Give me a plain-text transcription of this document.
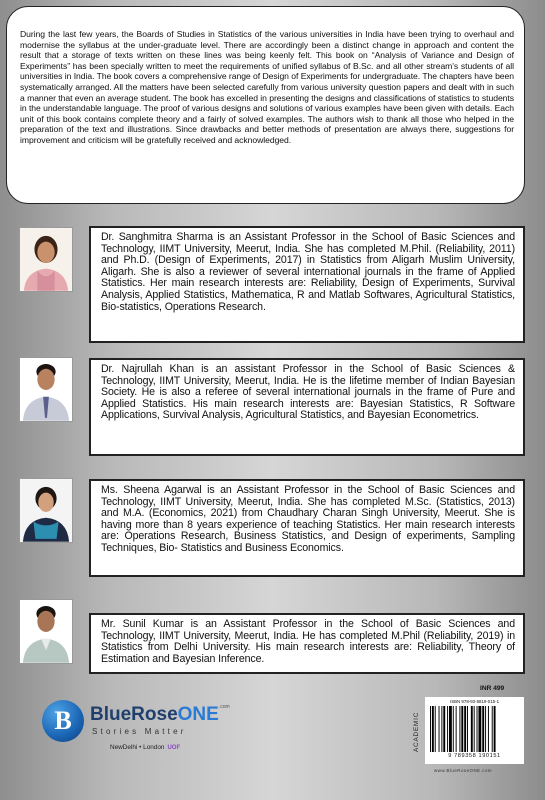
During the last few years, the Boards of Studies in Statistics of the various universities in India have been trying to overhaul and modernise the syllabus at the under-graduate level. There are accordingly been a distinct change in approach and content the result that a storage of texts written on these lines was being keenly felt. This book on “Analysis of Variance and Design of Experiments” has been specially written to meet the requirements of unified syllabus of B.Sc. and all other stream's students of all universities in India. The book covers a comprehensive range of Design of Experiments for undergraduate. The chapters have been systematically arranged. All the matters have been selected carefully from various university question papers and dealt with in such a manner that even an average student. The book has excelled in presenting the designs and classifications of statistics to students in the understandable language. The proof of various designs and solutions of various examples have been given with details. Each unit of this book contains complete theory and a fairly of solved examples. The authors wish to thank all those who helped in the preparation of the text and illustrations. Since drawbacks and better methods of presentation are always there, suggestions for improvement and criticism will be gratefully received and acknowledged.

Dr. Sanghmitra Sharma is an Assistant Professor in the School of Basic Sciences and Technology, IIMT University, Meerut, India. She has completed M.Phil. (Reliability, 2011) and Ph.D. (Design of Experiments, 2017) in Statistics from Aligarh Muslim University, Aligarh. She is also a reviewer of several international journals in the frame of Applied Statistics. Her main research interests are: Reliability, Design of Experiments, Survival Analysis, Applied Statistics, Mathematica, R and Matlab Softwares, Agricultural Statistics, Bio-statistics, Operations Research.

Dr. Najrullah Khan is an assistant Professor in the School of Basic Sciences & Technology, IIMT University, Meerut, India. He is the lifetime member of Indian Bayesian Society. He is also a referee of several international journals in the frame of Pure and Applied Statistics. His main research interests are: Bayesian Statistics, R Software Applications, Survival Analysis, Agricultural Statistics, and Bayesian Econometrics.

Ms. Sheena Agarwal is an Assistant Professor in the School of Basic Sciences and Technology, IIMT University, Meerut, India. She has completed M.Sc. (Statistics, 2013) and M.A. (Economics, 2021) from Chaudhary Charan Singh University, Meerut. She is having more than 8 years experience of teaching Statistics. Her main research interests are: Operations Research, Business Statistics, and Design of experiments, Sampling Techniques, Bio- Statistics and Business Economics.

Mr. Sunil Kumar is an Assistant Professor in the School of Basic Sciences and Technology, IIMT University, Meerut, India. He has completed M.Phil (Reliability, 2019) in Statistics from Delhi University. His main research interests are: Reliability, Theory of Estimation and Bayesian Inference.

B BlueRoseONE$^{.com}$
Stories Matter
NewDelhi • London UOF
INR 499
ACADEMIC
ISBN 978-93-5819-015-1
9 789358 190151
www.BlueRoseONE.com
